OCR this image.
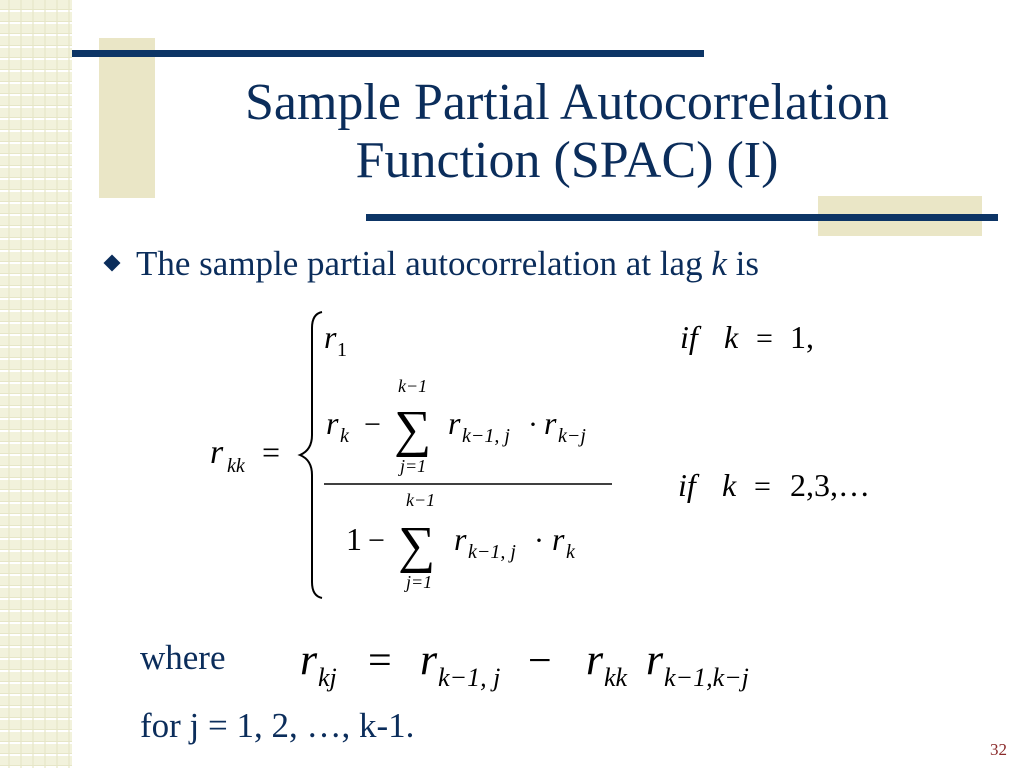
Sample Partial Autocorrelation
Function (SPAC) (I)
The sample partial autocorrelation at lag k is
r kk =
r 1	if k = 1,
k−1
r k − ∑
j=1
r k−1, j · r k−j
k−1
1 − ∑
j=1
r k−1, j · r k
if k = 2,3,…
where r kj = r k−1, j − r kk r k−1,k−j
for j = 1, 2, …, k-1.
32
